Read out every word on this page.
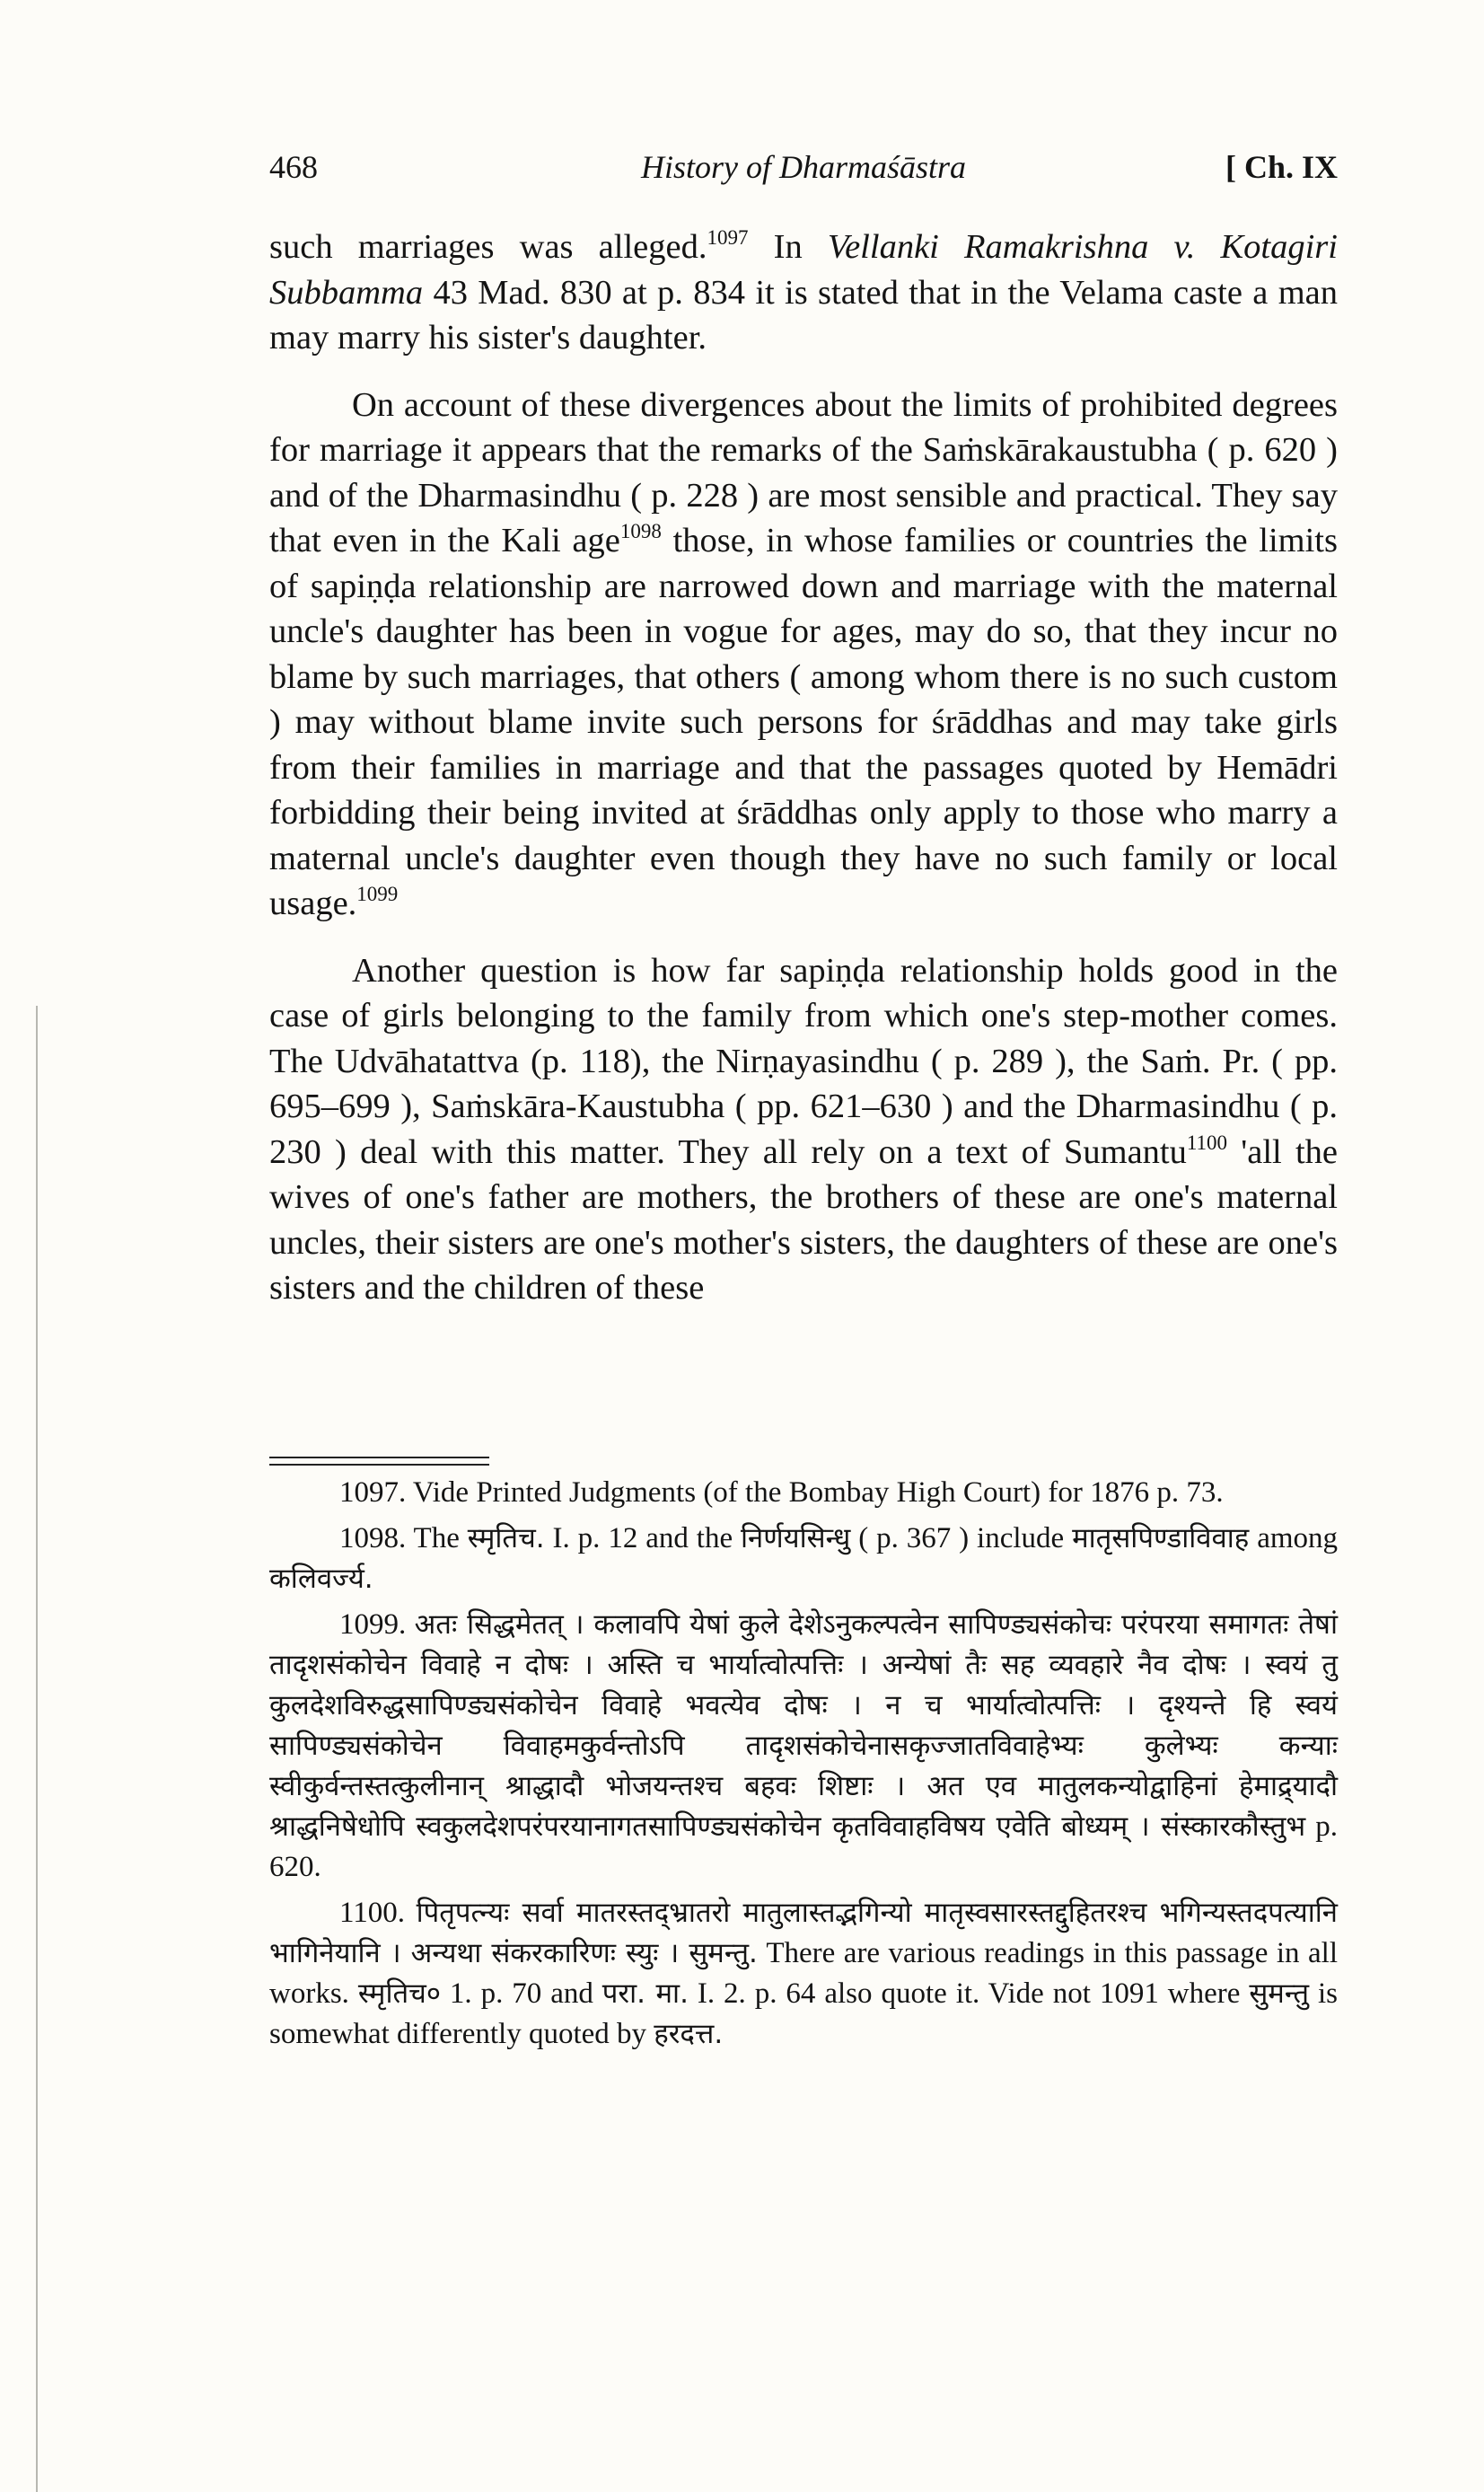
468	History of Dharmaśāstra	[ Ch. IX

such marriages was alleged.$^{1097}$ In Vellanki Ramakrishna v. Kotagiri Subbamma 43 Mad. 830 at p. 834 it is stated that in the Velama caste a man may marry his sister's daughter.

On account of these divergences about the limits of prohibited degrees for marriage it appears that the remarks of the Saṁskārakaustubha ( p. 620 ) and of the Dharmasindhu ( p. 228 ) are most sensible and practical. They say that even in the Kali age$^{1098}$ those, in whose families or countries the limits of sapiṇḍa relationship are narrowed down and marriage with the maternal uncle's daughter has been in vogue for ages, may do so, that they incur no blame by such marriages, that others ( among whom there is no such custom ) may without blame invite such persons for śrāddhas and may take girls from their families in marriage and that the passages quoted by Hemādri forbidding their being invited at śrāddhas only apply to those who marry a maternal uncle's daughter even though they have no such family or local usage.$^{1099}$

Another question is how far sapiṇḍa relationship holds good in the case of girls belonging to the family from which one's step-mother comes. The Udvāhatattva (p. 118), the Nirṇayasindhu ( p. 289 ), the Saṁ. Pr. ( pp. 695–699 ), Saṁskāra-Kaustubha ( pp. 621–630 ) and the Dharmasindhu ( p. 230 ) deal with this matter. They all rely on a text of Sumantu$^{1100}$ 'all the wives of one's father are mothers, the brothers of these are one's maternal uncles, their sisters are one's mother's sisters, the daughters of these are one's sisters and the children of these

1097. Vide Printed Judgments (of the Bombay High Court) for 1876 p. 73.

1098. The स्मृतिच. I. p. 12 and the निर्णयसिन्धु ( p. 367 ) include मातृसपिण्डाविवाह among कलिवर्ज्य.

1099. अतः सिद्धमेतत् । कलावपि येषां कुले देशेऽनुकल्पत्वेन सापिण्ड्यसंकोचः परंपरया समागतः तेषां तादृशसंकोचेन विवाहे न दोषः । अस्ति च भार्यात्वोत्पत्तिः । अन्येषां तैः सह व्यवहारे नैव दोषः । स्वयं तु कुलदेशविरुद्धसापिण्ड्यसंकोचेन विवाहे भवत्येव दोषः । न च भार्यात्वोत्पत्तिः । दृश्यन्ते हि स्वयं सापिण्ड्यसंकोचेन विवाहमकुर्वन्तोऽपि तादृशसंकोचेनासकृज्जातविवाहेभ्यः कुलेभ्यः कन्याः स्वीकुर्वन्तस्तत्कुलीनान् श्राद्धादौ भोजयन्तश्च बहवः शिष्टाः । अत एव मातुलकन्योद्वाहिनां हेमाद्र्यादौ श्राद्धनिषेधोपि स्वकुलदेशपरंपरयानागतसापिण्ड्यसंकोचेन कृतविवाहविषय एवेति बोध्यम् । संस्कारकौस्तुभ p. 620.

1100. पितृपत्न्यः सर्वा मातरस्तद्भ्रातरो मातुलास्तद्भगिन्यो मातृस्वसारस्तद्दुहितरश्च भगिन्यस्तदपत्यानि भागिनेयानि । अन्यथा संकरकारिणः स्युः । सुमन्तु. There are various readings in this passage in all works. स्मृतिच० 1. p. 70 and परा. मा. I. 2. p. 64 also quote it. Vide not 1091 where सुमन्तु is somewhat differently quoted by हरदत्त.
